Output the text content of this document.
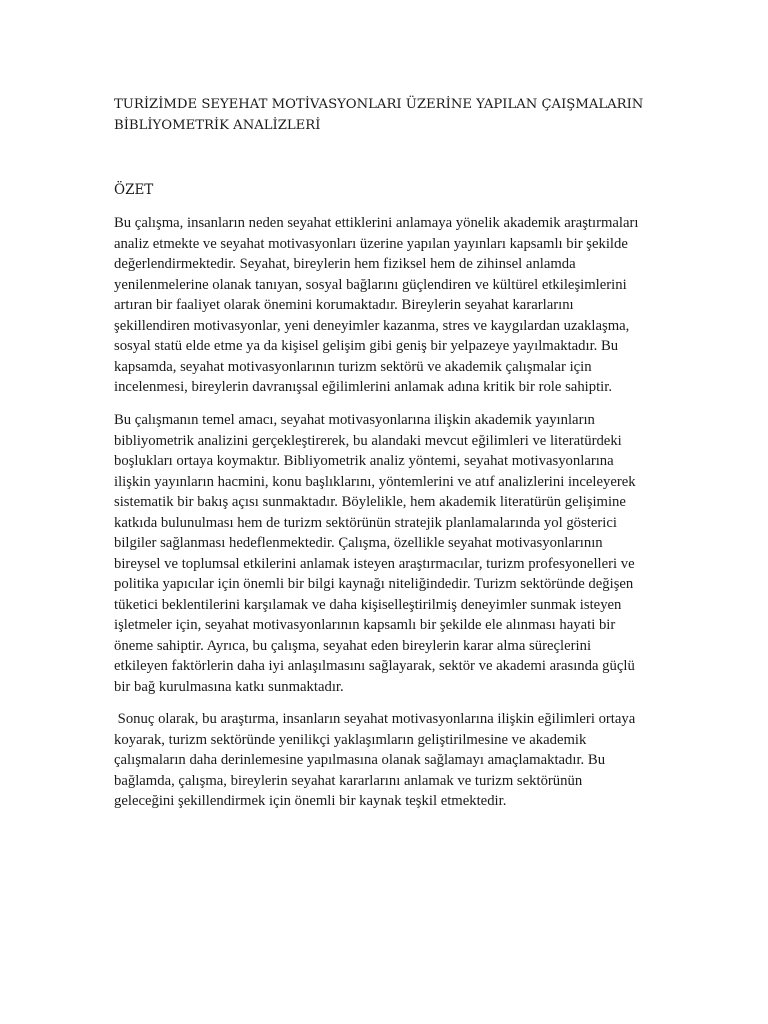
TURİZİMDE SEYEHAT MOTİVASYONLARI ÜZERİNE YAPILAN ÇAIŞMALARIN
BİBLİYOMETRİK ANALİZLERİ
ÖZET

Bu çalışma, insanların neden seyahat ettiklerini anlamaya yönelik akademik araştırmaları
analiz etmekte ve seyahat motivasyonları üzerine yapılan yayınları kapsamlı bir şekilde
değerlendirmektedir. Seyahat, bireylerin hem fiziksel hem de zihinsel anlamda
yenilenmelerine olanak tanıyan, sosyal bağlarını güçlendiren ve kültürel etkileşimlerini
artıran bir faaliyet olarak önemini korumaktadır. Bireylerin seyahat kararlarını
şekillendiren motivasyonlar, yeni deneyimler kazanma, stres ve kaygılardan uzaklaşma,
sosyal statü elde etme ya da kişisel gelişim gibi geniş bir yelpazeye yayılmaktadır. Bu
kapsamda, seyahat motivasyonlarının turizm sektörü ve akademik çalışmalar için
incelenmesi, bireylerin davranışsal eğilimlerini anlamak adına kritik bir role sahiptir.

Bu çalışmanın temel amacı, seyahat motivasyonlarına ilişkin akademik yayınların
bibliyometrik analizini gerçekleştirerek, bu alandaki mevcut eğilimleri ve literatürdeki
boşlukları ortaya koymaktır. Bibliyometrik analiz yöntemi, seyahat motivasyonlarına
ilişkin yayınların hacmini, konu başlıklarını, yöntemlerini ve atıf analizlerini inceleyerek
sistematik bir bakış açısı sunmaktadır. Böylelikle, hem akademik literatürün gelişimine
katkıda bulunulması hem de turizm sektörünün stratejik planlamalarında yol gösterici
bilgiler sağlanması hedeflenmektedir. Çalışma, özellikle seyahat motivasyonlarının
bireysel ve toplumsal etkilerini anlamak isteyen araştırmacılar, turizm profesyonelleri ve
politika yapıcılar için önemli bir bilgi kaynağı niteliğindedir. Turizm sektöründe değişen
tüketici beklentilerini karşılamak ve daha kişiselleştirilmiş deneyimler sunmak isteyen
işletmeler için, seyahat motivasyonlarının kapsamlı bir şekilde ele alınması hayati bir
öneme sahiptir. Ayrıca, bu çalışma, seyahat eden bireylerin karar alma süreçlerini
etkileyen faktörlerin daha iyi anlaşılmasını sağlayarak, sektör ve akademi arasında güçlü
bir bağ kurulmasına katkı sunmaktadır.

Sonuç olarak, bu araştırma, insanların seyahat motivasyonlarına ilişkin eğilimleri ortaya
koyarak, turizm sektöründe yenilikçi yaklaşımların geliştirilmesine ve akademik
çalışmaların daha derinlemesine yapılmasına olanak sağlamayı amaçlamaktadır. Bu
bağlamda, çalışma, bireylerin seyahat kararlarını anlamak ve turizm sektörünün
geleceğini şekillendirmek için önemli bir kaynak teşkil etmektedir.
